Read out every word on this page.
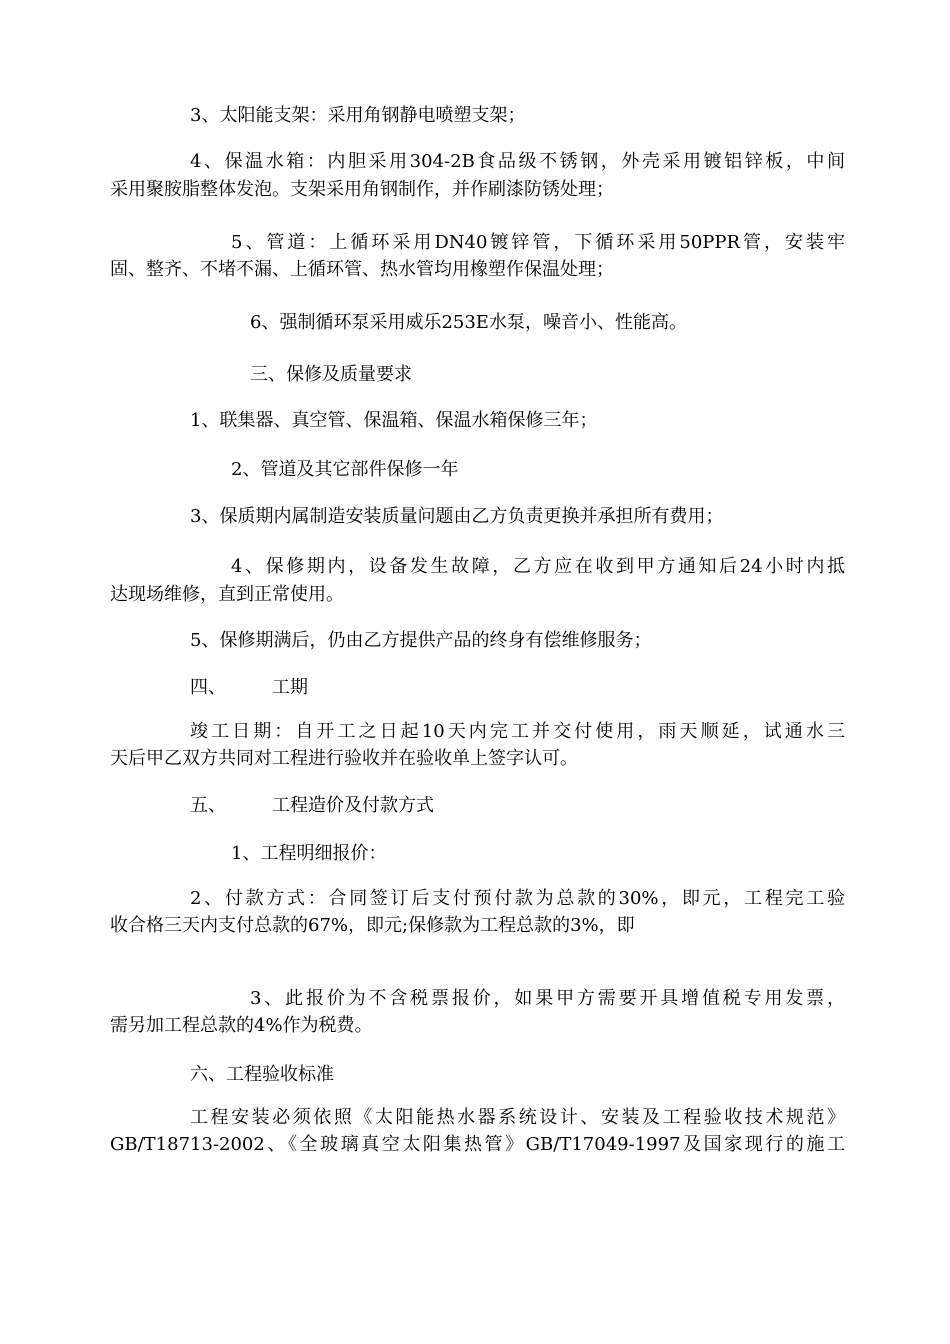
3、太阳能支架：采用角钢静电喷塑支架；
4、保温水箱：内胆采用304-2B食品级不锈钢，外壳采用镀铝锌板，中间
采用聚胺脂整体发泡。支架采用角钢制作，并作刷漆防锈处理；
5、管道：上循环采用DN40镀锌管，下循环采用50PPR管，安装牢
固、整齐、不堵不漏、上循环管、热水管均用橡塑作保温处理；
6、强制循环泵采用威乐253E水泵，噪音小、性能高。
三、保修及质量要求
1、联集器、真空管、保温箱、保温水箱保修三年；
2、管道及其它部件保修一年
3、保质期内属制造安装质量问题由乙方负责更换并承担所有费用；
4、保修期内，设备发生故障，乙方应在收到甲方通知后24小时内抵
达现场维修，直到正常使用。
5、保修期满后，仍由乙方提供产品的终身有偿维修服务；
四、	工期
竣工日期：自开工之日起10天内完工并交付使用，雨天顺延，试通水三
天后甲乙双方共同对工程进行验收并在验收单上签字认可。
五、	工程造价及付款方式
1、工程明细报价：
2、付款方式：合同签订后支付预付款为总款的30%，即元，工程完工验
收合格三天内支付总款的67%，即元;保修款为工程总款的3%，即
3、此报价为不含税票报价，如果甲方需要开具增值税专用发票，
需另加工程总款的4%作为税费。
六、工程验收标准
工程安装必须依照《太阳能热水器系统设计、安装及工程验收技术规范》
GB/T18713-2002、《全玻璃真空太阳集热管》GB/T17049-1997及国家现行的施工
